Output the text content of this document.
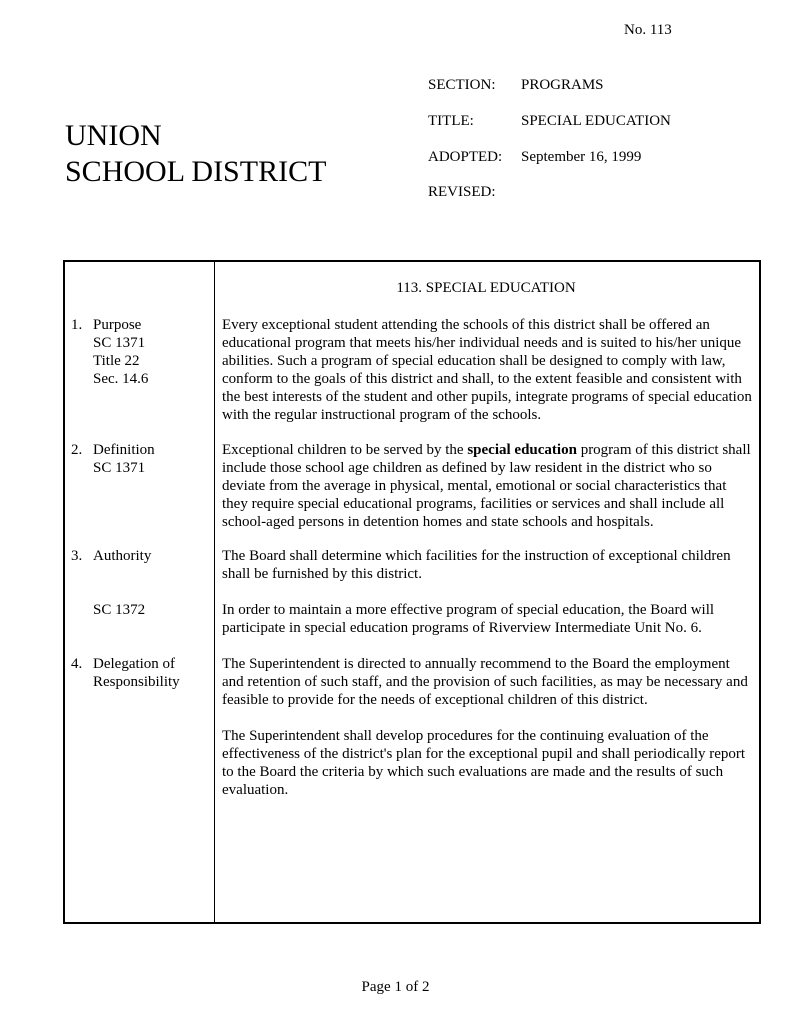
No. 113
UNION
SCHOOL DISTRICT
SECTION: PROGRAMS
TITLE:	SPECIAL EDUCATION
ADOPTED: September 16, 1999
REVISED:
113. SPECIAL EDUCATION
1. Purpose
SC 1371
Title 22
Sec. 14.6

Every exceptional student attending the schools of this district shall be offered an educational program that meets his/her individual needs and is suited to his/her unique abilities. Such a program of special education shall be designed to comply with law, conform to the goals of this district and shall, to the extent feasible and consistent with the best interests of the student and other pupils, integrate programs of special education with the regular instructional program of the schools.

2. Definition
SC 1371

Exceptional children to be served by the special education program of this district shall include those school age children as defined by law resident in the district who so deviate from the average in physical, mental, emotional or social characteristics that they require special educational programs, facilities or services and shall include all school-aged persons in detention homes and state schools and hospitals.

3. Authority	The Board shall determine which facilities for the instruction of exceptional children shall be furnished by this district.

SC 1372	In order to maintain a more effective program of special education, the Board will participate in special education programs of Riverview Intermediate Unit No. 6.

4. Delegation of
Responsibility

The Superintendent is directed to annually recommend to the Board the employment and retention of such staff, and the provision of such facilities, as may be necessary and feasible to provide for the needs of exceptional children of this district.

The Superintendent shall develop procedures for the continuing evaluation of the effectiveness of the district's plan for the exceptional pupil and shall periodically report to the Board the criteria by which such evaluations are made and the results of such evaluation.

Page 1 of 2
